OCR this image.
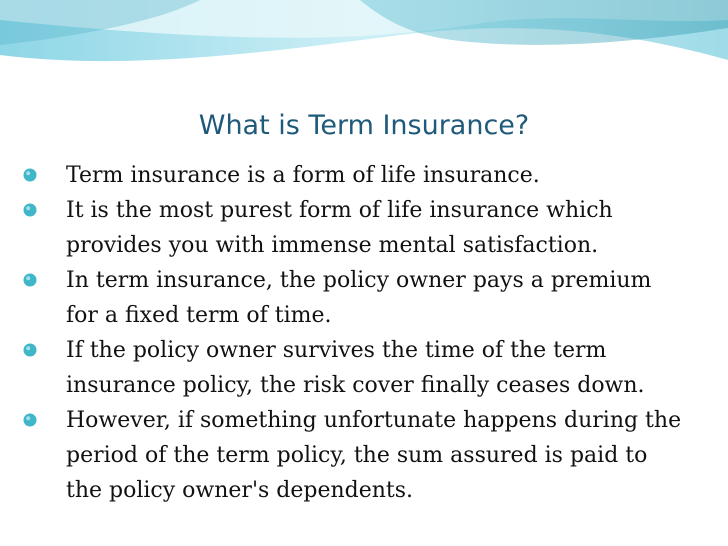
What is Term Insurance?
Term insurance is a form of life insurance.
It is the most purest form of life insurance which provides you with immense mental satisfaction.
In term insurance, the policy owner pays a premium for a fixed term of time.
If the policy owner survives the time of the term insurance policy, the risk cover finally ceases down.
However, if something unfortunate happens during the period of the term policy, the sum assured is paid to the policy owner's dependents.
